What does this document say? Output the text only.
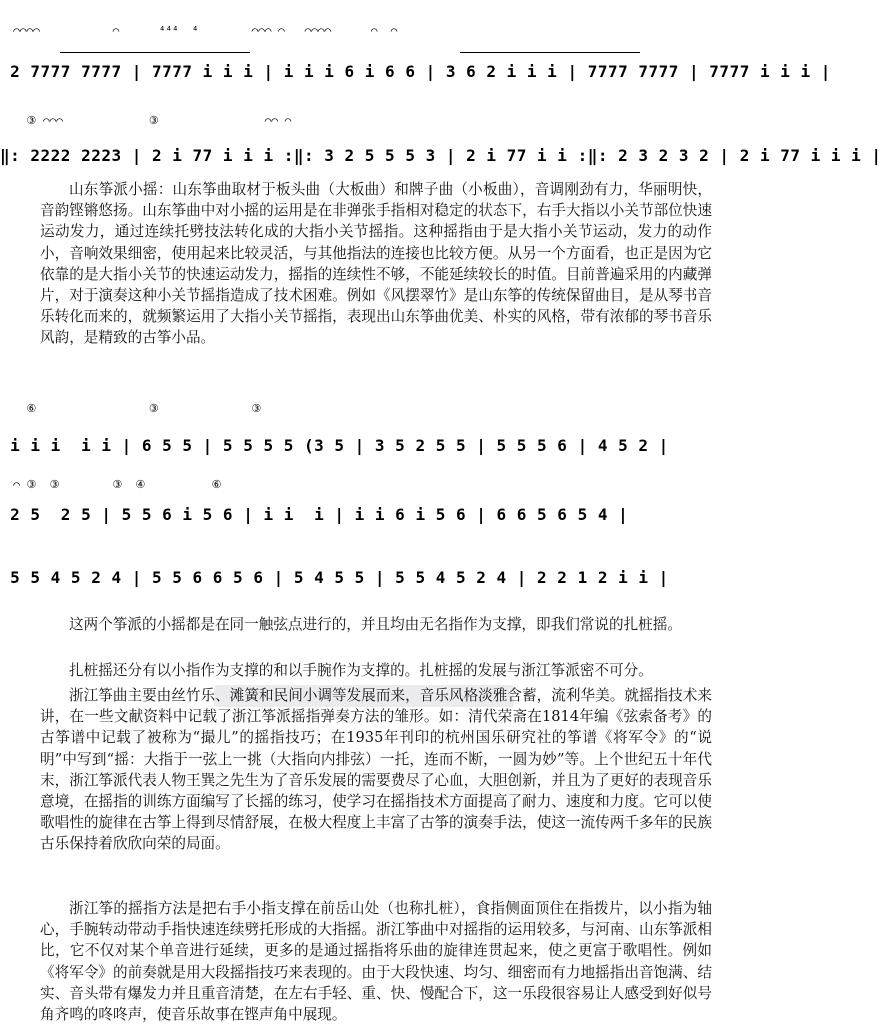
⌒⌒⌒⌒           ⌒      ⁴⁴⁴  ⁴        ⌒⌒⌒ ⌒   ⌒⌒⌒⌒      ⌒  ⌒
2 7777 7777 | 7777 i i i | i i i 6 i 6 6 | 3 6 2 i i i | 7777 7777 | 7777 i i i |
③ ⌒⌒⌒             ③                ⌒⌒ ⌒
‖: 2222 2223 | 2 i 77 i i i :‖: 3 2 5 5 5 3 | 2 i 77 i i :‖: 2 3 2 3 2 | 2 i 77 i i i |

山东筝派小摇：山东筝曲取材于板头曲（大板曲）和牌子曲（小板曲），音调刚劲有力，华丽明快，音韵铿锵悠扬。山东筝曲中对小摇的运用是在非弹张手指相对稳定的状态下，右手大指以小关节部位快速运动发力，通过连续托劈技法转化成的大指小关节摇指。这种摇指由于是大指小关节运动，发力的动作小，音响效果细密，使用起来比较灵活，与其他指法的连接也比较方便。从另一个方面看，也正是因为它依靠的是大指小关节的快速运动发力，摇指的连续性不够，不能延续较长的时值。目前普遍采用的内藏弹片，对于演奏这种小关节摇指造成了技术困难。例如《风摆翠竹》是山东筝的传统保留曲目，是从琴书音乐转化而来的，就频繁运用了大指小关节摇指，表现出山东筝曲优美、朴实的风格，带有浓郁的琴书音乐风韵，是精致的古筝小品。

⑥                 ③              ③
i i i  i i | 6 5 5 | 5 5 5 5 (3 5 | 3 5 2 5 5 | 5 5 5 6 | 4 5 2 |
⌒ ③  ③        ③  ④          ⑥
2 5  2 5 | 5 5 6 i 5 6 | i i  i | i i 6 i 5 6 | 6 6 5 6 5 4 |
5 5 4 5 2 4 | 5 5 6 6 5 6 | 5 4 5 5 | 5 5 4 5 2 4 | 2 2 1 2 i i |

这两个筝派的小摇都是在同一触弦点进行的，并且均由无名指作为支撑，即我们常说的扎桩摇。

扎桩摇还分有以小指作为支撑的和以手腕作为支撑的。扎桩摇的发展与浙江筝派密不可分。

浙江筝曲主要由丝竹乐、滩簧和民间小调等发展而来，音乐风格淡雅含蓄，流利华美。就摇指技术来讲，在一些文献资料中记载了浙江筝派摇指弹奏方法的雏形。如：清代荣斋在1814年编《弦索备考》的古筝谱中记载了被称为“撮儿”的摇指技巧；在1935年刊印的杭州国乐研究社的筝谱《将军令》的“说明”中写到“摇：大指于一弦上一挑（大指向内排弦）一托，连而不断，一圆为妙”等。上个世纪五十年代末，浙江筝派代表人物王巽之先生为了音乐发展的需要费尽了心血，大胆创新，并且为了更好的表现音乐意境，在摇指的训练方面编写了长摇的练习，使学习在摇指技术方面提高了耐力、速度和力度。它可以使歌唱性的旋律在古筝上得到尽情舒展，在极大程度上丰富了古筝的演奏手法，使这一流传两千多年的民族古乐保持着欣欣向荣的局面。

浙江筝的摇指方法是把右手小指支撑在前岳山处（也称扎桩），食指侧面顶住在指拨片，以小指为轴心，手腕转动带动手指快速连续劈托形成的大指摇。浙江筝曲中对摇指的运用较多，与河南、山东筝派相比，它不仅对某个单音进行延续，更多的是通过摇指将乐曲的旋律连贯起来，使之更富于歌唱性。例如《将军令》的前奏就是用大段摇指技巧来表现的。由于大段快速、均匀、细密而有力地摇指出音饱满、结实、音头带有爆发力并且重音清楚，在左右手轻、重、快、慢配合下，这一乐段很容易让人感受到好似号角齐鸣的咚咚声，使音乐故事在铿声角中展现。
